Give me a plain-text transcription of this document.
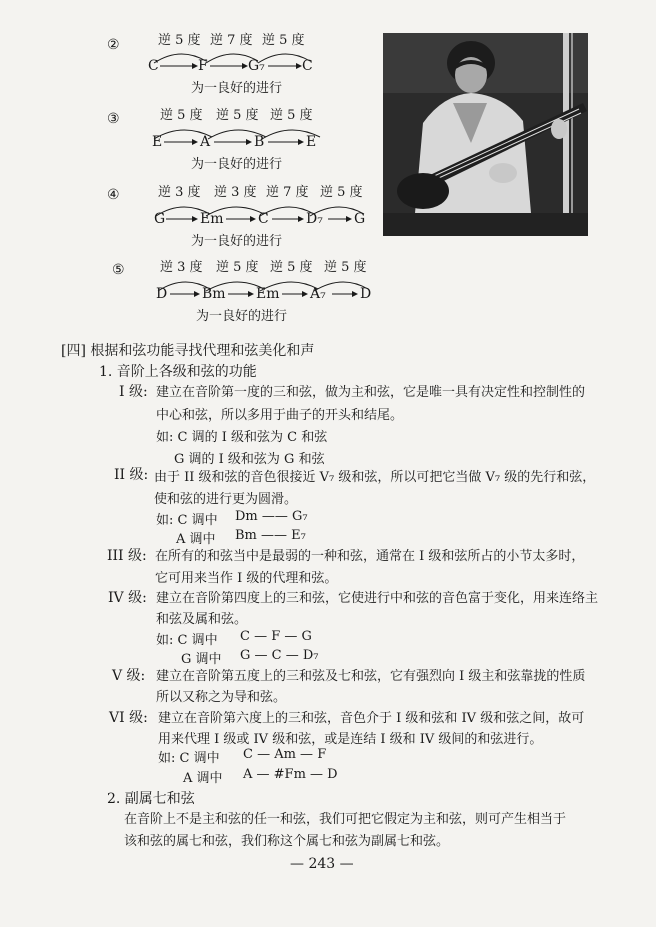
②	逆 5 度 逆 7 度 逆 5 度
C	F	G₇	C
为一良好的进行
③	逆 5 度 逆 5 度 逆 5 度
E	A	B	E
为一良好的进行
④	逆 3 度 逆 3 度 逆 7 度 逆 5 度
G Em C	D₇ G
为一良好的进行
⑤	逆 3 度 逆 5 度 逆 5 度 逆 5 度
D Bm Em A₇ D
为一良好的进行
[四] 根据和弦功能寻找代理和弦美化和声
1. 音阶上各级和弦的功能
I 级: 建立在音阶第一度的三和弦，做为主和弦，它是唯一具有决定性和控制性的
中心和弦，所以多用于曲子的开头和结尾。
如: C 调的 I 级和弦为 C 和弦
G 调的 I 级和弦为 G 和弦
II 级: 由于 II 级和弦的音色很接近 V₇ 级和弦，所以可把它当做 V₇ 级的先行和弦，
使和弦的进行更为圆滑。
如: C 调中 Dm —— G₇
A 调中 Bm —— E₇
III 级: 在所有的和弦当中是最弱的一种和弦，通常在 I 级和弦所占的小节太多时，
它可用来当作 I 级的代理和弦。
IV 级: 建立在音阶第四度上的三和弦，它使进行中和弦的音色富于变化，用来连络主
和弦及属和弦。
如: C 调中 C — F — G
G 调中 G — C — D₇
V 级: 建立在音阶第五度上的三和弦及七和弦，它有强烈向 I 级主和弦靠拢的性质
所以又称之为导和弦。
VI 级: 建立在音阶第六度上的三和弦，音色介于 I 级和弦和 IV 级和弦之间，故可
用来代理 I 级或 IV 级和弦，或是连结 I 级和 IV 级间的和弦进行。
如: C 调中 C — Am — F
A 调中 A — #Fm — D
2. 副属七和弦
在音阶上不是主和弦的任一和弦，我们可把它假定为主和弦，则可产生相当于
该和弦的属七和弦，我们称这个属七和弦为副属七和弦。
— 243 —
